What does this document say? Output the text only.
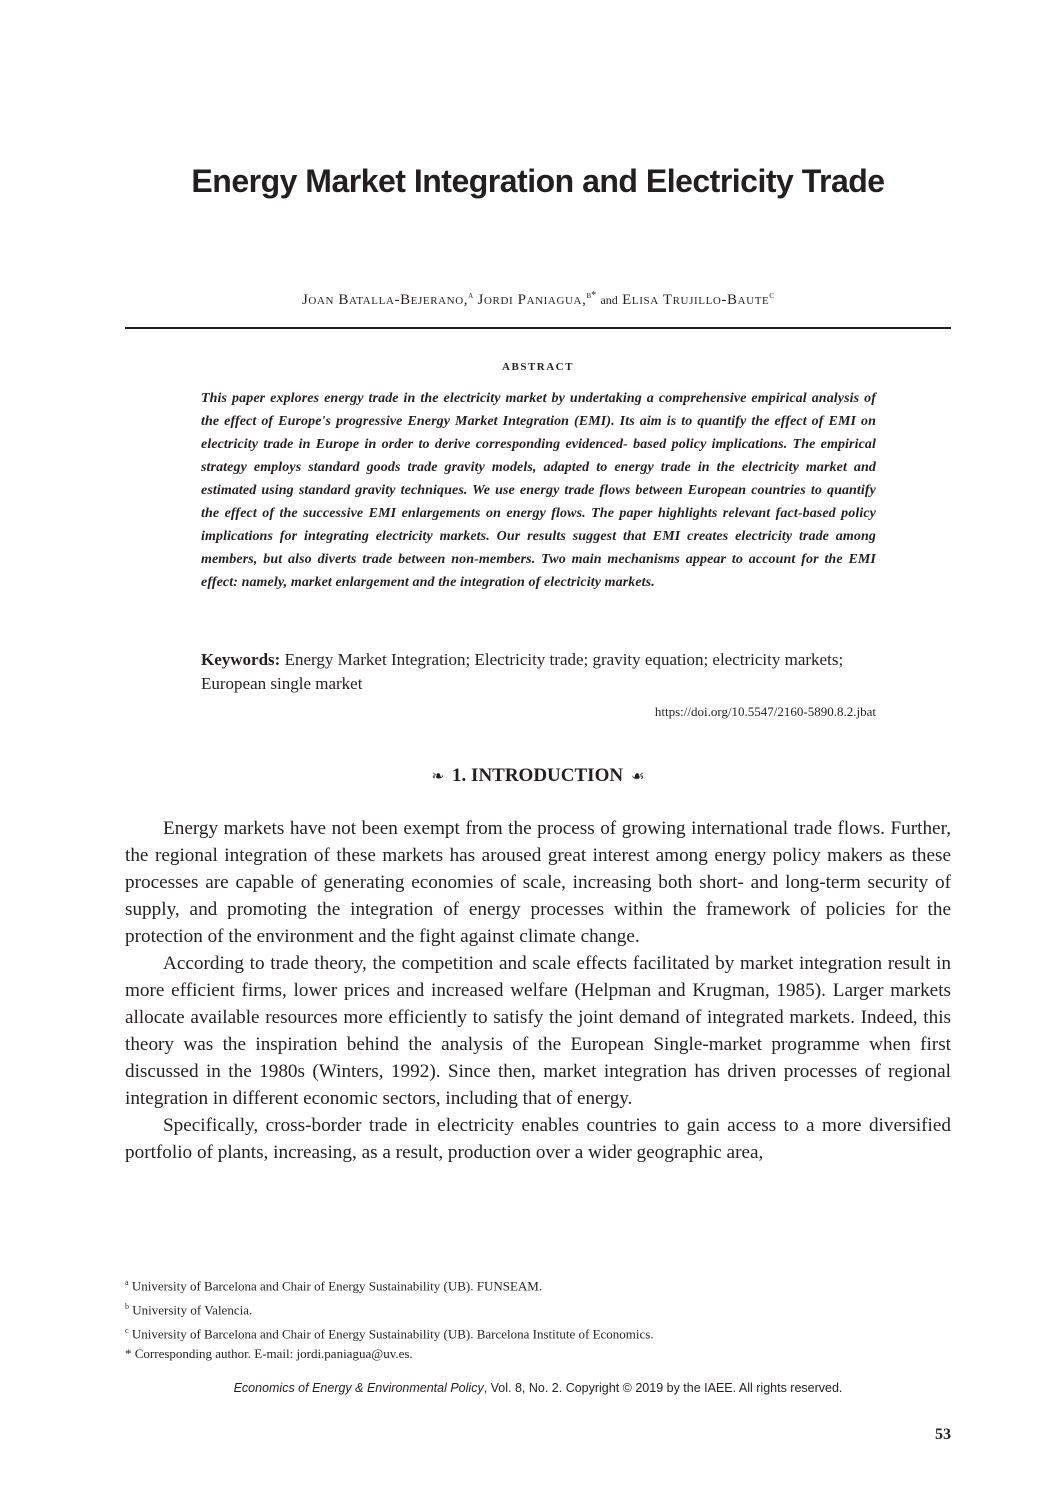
Energy Market Integration and Electricity Trade
Joan Batalla-Bejerano,$^a$ Jordi Paniagua,$^{b*}$ and Elisa Trujillo-Baute$^c$
ABSTRACT
This paper explores energy trade in the electricity market by undertaking a comprehensive empirical analysis of the effect of Europe's progressive Energy Market Integration (EMI). Its aim is to quantify the effect of EMI on electricity trade in Europe in order to derive corresponding evidenced- based policy implications. The empirical strategy employs standard goods trade gravity models, adapted to energy trade in the electricity market and estimated using standard gravity techniques. We use energy trade flows between European countries to quantify the effect of the successive EMI enlargements on energy flows. The paper highlights relevant fact-based policy implications for integrating electricity markets. Our results suggest that EMI creates electricity trade among members, but also diverts trade between non-members. Two main mechanisms appear to account for the EMI effect: namely, market enlargement and the integration of electricity markets.
Keywords: Energy Market Integration; Electricity trade; gravity equation; electricity markets; European single market
https://doi.org/10.5547/2160-5890.8.2.jbat
❧ 1. INTRODUCTION ☙

Energy markets have not been exempt from the process of growing international trade flows. Further, the regional integration of these markets has aroused great interest among energy policy makers as these processes are capable of generating economies of scale, increasing both short- and long-term security of supply, and promoting the integration of energy processes within the framework of policies for the protection of the environment and the fight against climate change.

According to trade theory, the competition and scale effects facilitated by market integration result in more efficient firms, lower prices and increased welfare (Helpman and Krugman, 1985). Larger markets allocate available resources more efficiently to satisfy the joint demand of integrated markets. Indeed, this theory was the inspiration behind the analysis of the European Single-market programme when first discussed in the 1980s (Winters, 1992). Since then, market integration has driven processes of regional integration in different economic sectors, including that of energy.

Specifically, cross-border trade in electricity enables countries to gain access to a more diversified portfolio of plants, increasing, as a result, production over a wider geographic area,

$^a$ University of Barcelona and Chair of Energy Sustainability (UB). FUNSEAM.
$^b$ University of Valencia.
$^c$ University of Barcelona and Chair of Energy Sustainability (UB). Barcelona Institute of Economics.
* Corresponding author. E-mail: jordi.paniagua@uv.es.
Economics of Energy & Environmental Policy, Vol. 8, No. 2. Copyright © 2019 by the IAEE. All rights reserved.
53
